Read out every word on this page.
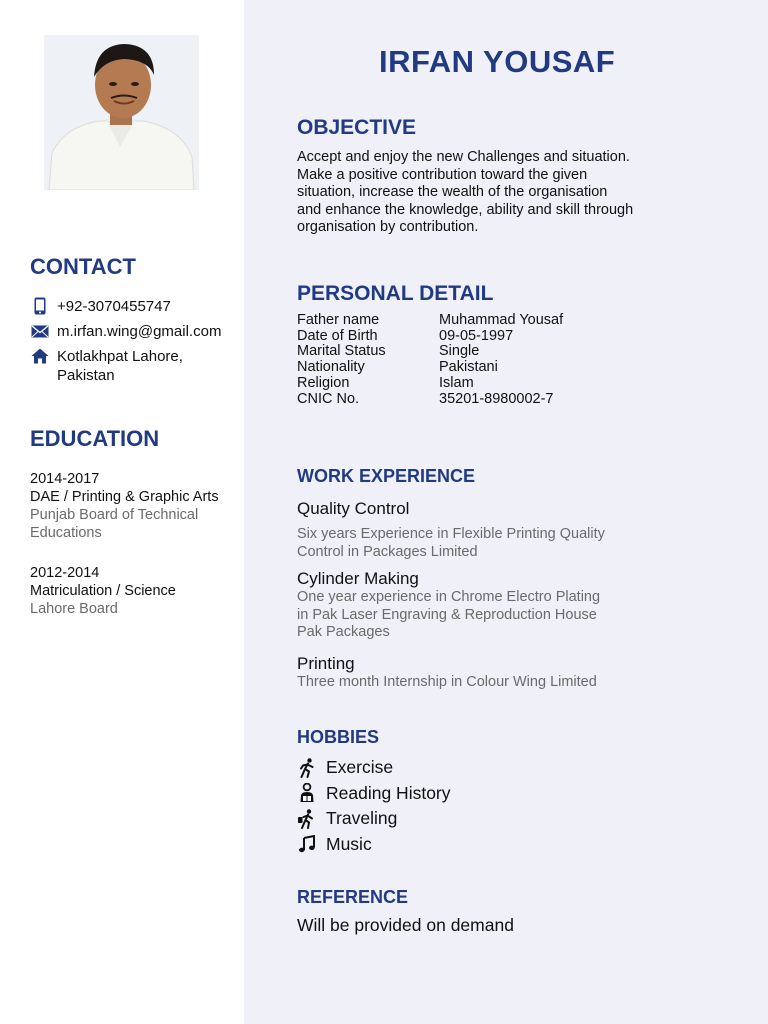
CONTACT
+92-3070455747
m.irfan.wing@gmail.com
Kotlakhpat Lahore,
Pakistan
EDUCATION
2014-2017
DAE / Printing & Graphic Arts
Punjab Board of Technical
Educations
2012-2014
Matriculation / Science
Lahore Board
IRFAN YOUSAF
OBJECTIVE
Accept and enjoy the new Challenges and situation.
Make a positive contribution toward the given
situation, increase the wealth of the organisation
and enhance the knowledge, ability and skill through
organisation by contribution.
PERSONAL DETAIL
Father name	Muhammad Yousaf
Date of Birth	09-05-1997
Marital Status	Single
Nationality	Pakistani
Religion	Islam
CNIC No.	35201-8980002-7
WORK EXPERIENCE
Quality Control
Six years Experience in Flexible Printing Quality
Control in Packages Limited
Cylinder Making
One year experience in Chrome Electro Plating
in Pak Laser Engraving & Reproduction House
Pak Packages
Printing
Three month Internship in Colour Wing Limited
HOBBIES
Exercise
Reading History
Traveling
Music
REFERENCE
Will be provided on demand
